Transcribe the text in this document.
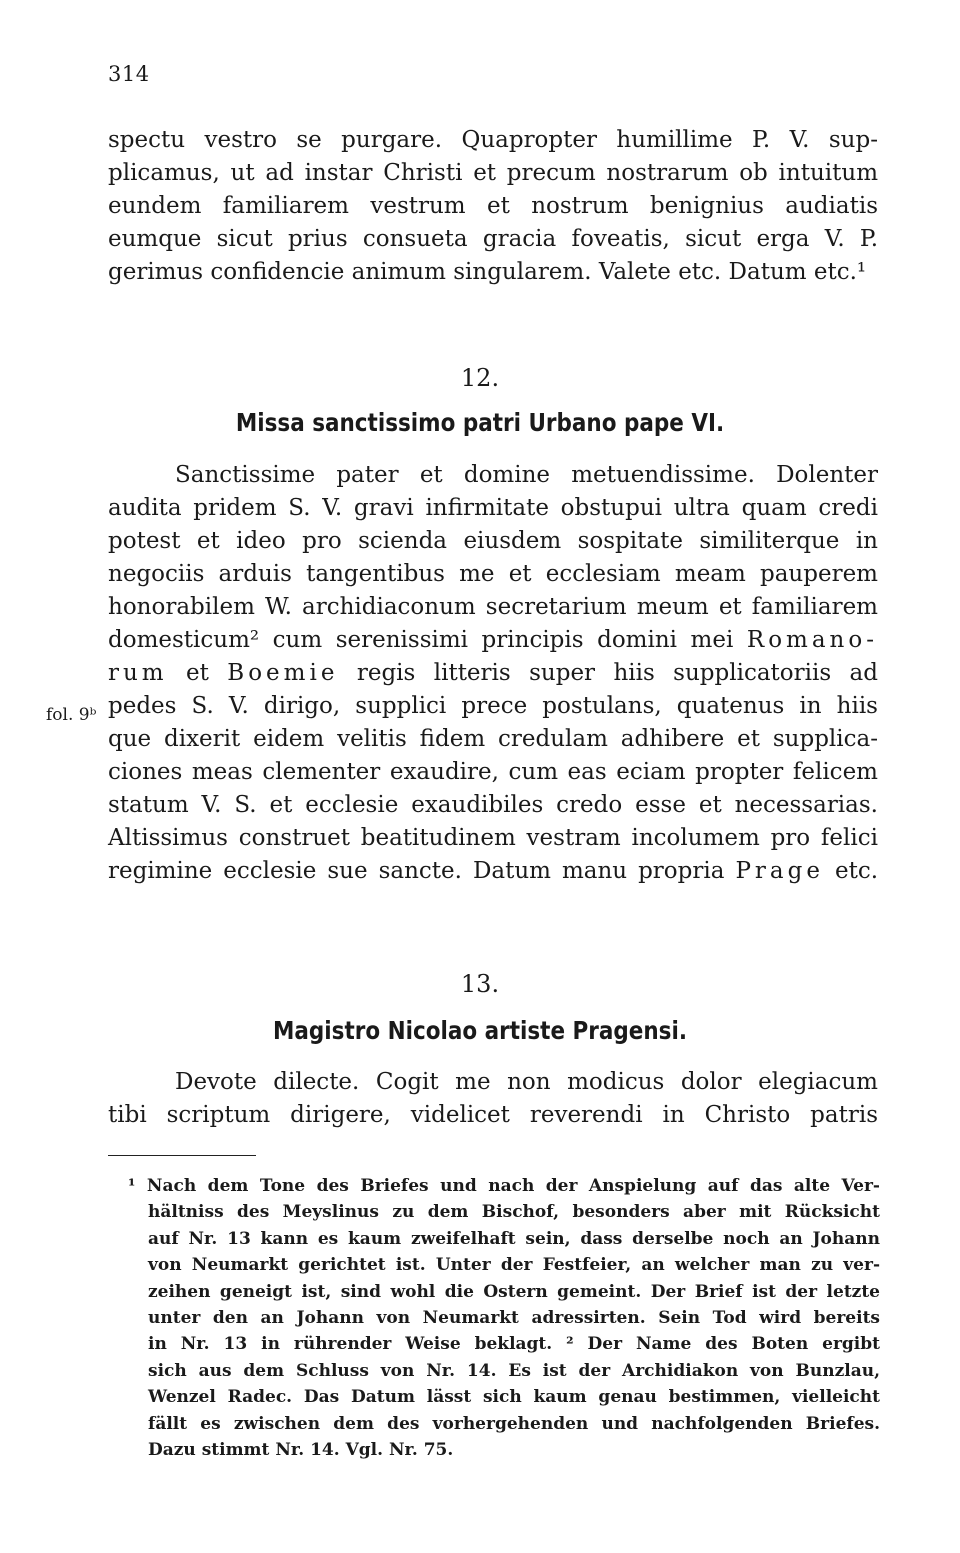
314
spectu vestro se purgare. Quapropter humillime P. V. sup-
plicamus, ut ad instar Christi et precum nostrarum ob intuitum
eundem familiarem vestrum et nostrum benignius audiatis
eumque sicut prius consueta gracia foveatis, sicut erga V. P.
gerimus confidencie animum singularem. Valete etc. Datum etc.¹
12.
Missa sanctissimo patri Urbano pape VI.
Sanctissime pater et domine metuendissime. Dolenter
audita pridem S. V. gravi infirmitate obstupui ultra quam credi
potest et ideo pro scienda eiusdem sospitate similiterque in
negociis arduis tangentibus me et ecclesiam meam pauperem
honorabilem W. archidiaconum secretarium meum et familiarem
domesticum² cum serenissimi principis domini mei Romano-
rum et Boemie regis litteris super hiis supplicatoriis ad
pedes S. V. dirigo, supplici prece postulans, quatenus in hiis
que dixerit eidem velitis fidem credulam adhibere et supplica-
ciones meas clementer exaudire, cum eas eciam propter felicem
statum V. S. et ecclesie exaudibiles credo esse et necessarias.
Altissimus construet beatitudinem vestram incolumem pro felici
regimine ecclesie sue sancte. Datum manu propria Prage etc.
fol. 9ᵇ
13.
Magistro Nicolao artiste Pragensi.
Devote dilecte. Cogit me non modicus dolor elegiacum
tibi scriptum dirigere, videlicet reverendi in Christo patris
¹ Nach dem Tone des Briefes und nach der Anspielung auf das alte Ver-
hältniss des Meyslinus zu dem Bischof, besonders aber mit Rücksicht
auf Nr. 13 kann es kaum zweifelhaft sein, dass derselbe noch an Johann
von Neumarkt gerichtet ist. Unter der Festfeier, an welcher man zu ver-
zeihen geneigt ist, sind wohl die Ostern gemeint. Der Brief ist der letzte
unter den an Johann von Neumarkt adressirten. Sein Tod wird bereits
in Nr. 13 in rührender Weise beklagt. ² Der Name des Boten ergibt
sich aus dem Schluss von Nr. 14. Es ist der Archidiakon von Bunzlau,
Wenzel Radec. Das Datum lässt sich kaum genau bestimmen, vielleicht
fällt es zwischen dem des vorhergehenden und nachfolgenden Briefes.
Dazu stimmt Nr. 14. Vgl. Nr. 75.
